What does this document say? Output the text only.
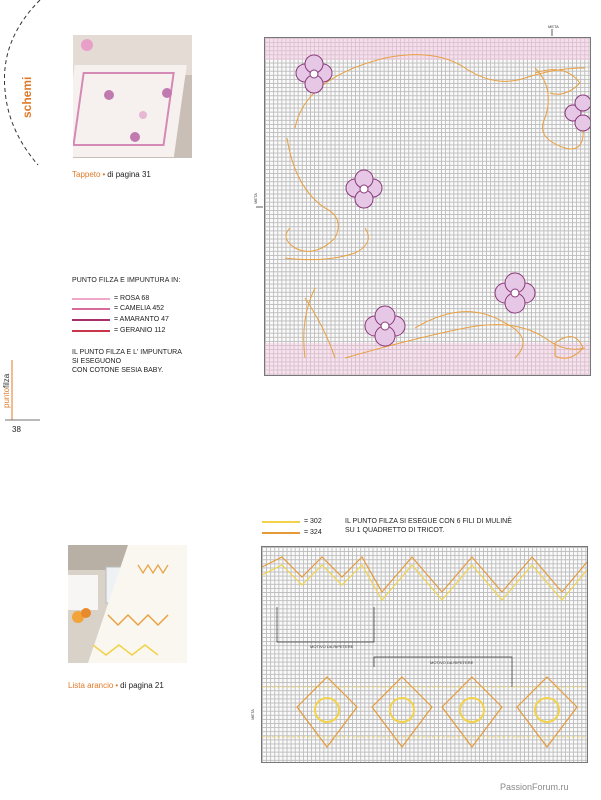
schemi
puntofilza
38
Tappeto • di pagina 31
PUNTO FILZA E IMPUNTURA IN:
= ROSA 68
= CAMELIA 452
= AMARANTO 47
= GERANIO 112
IL PUNTO FILZA E L' IMPUNTURA
SI ESEGUONO
CON COTONE SESIA BABY.
META
META
= 302
= 324
IL PUNTO FILZA SI ESEGUE CON 6 FILI DI MULINÈ
SU 1 QUADRETTO DI TRICOT.
Lista arancio • di pagina 21
MOTIVO DA RIPETERE
MOTIVO DA RIPETERE
META
PassionForum.ru
